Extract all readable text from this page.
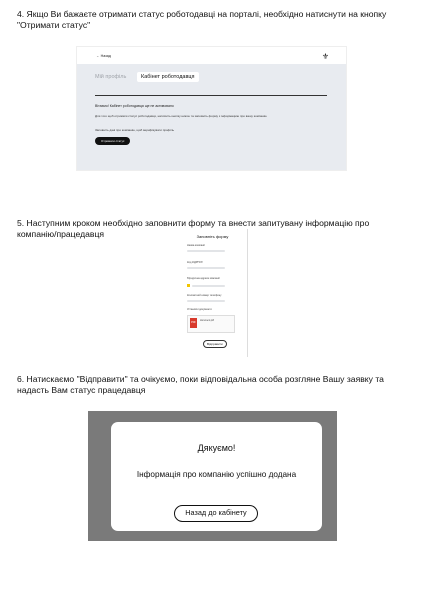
4. Якщо Ви бажаєте отримати статус роботодавці на порталі, необхідно натиснути на кнопку "Отримати статус"
← Назад	⚜
Мій профіль	Кабінет роботодавця
Вiтаємо! Кабінет роботодавця ще не активовано
Для того щоб отримати статус роботодавця, натисніть кнопку нижче та заповніть форму з інформацією про вашу компанію
Заповніть дані про компанію, щоб верифікувати профіль
Отримати статус
5. Наступним кроком необхідно заповнити форму та внести запитувану інформацію про компанію/працедавця	Заповніть форму
Назва компанії
Код ЄДРПОУ
Юридична адреса компанії
Контактний номер телефону
Установчі документи
PDF	document.pdf
Відправити
6. Натискаємо "Відправити" та очікуємо, поки відповідальна особа розгляне Вашу заявку та надасть Вам статус працедавця
Дякуємо!
Інформація про компанію успішно додана
Назад до кабінету
